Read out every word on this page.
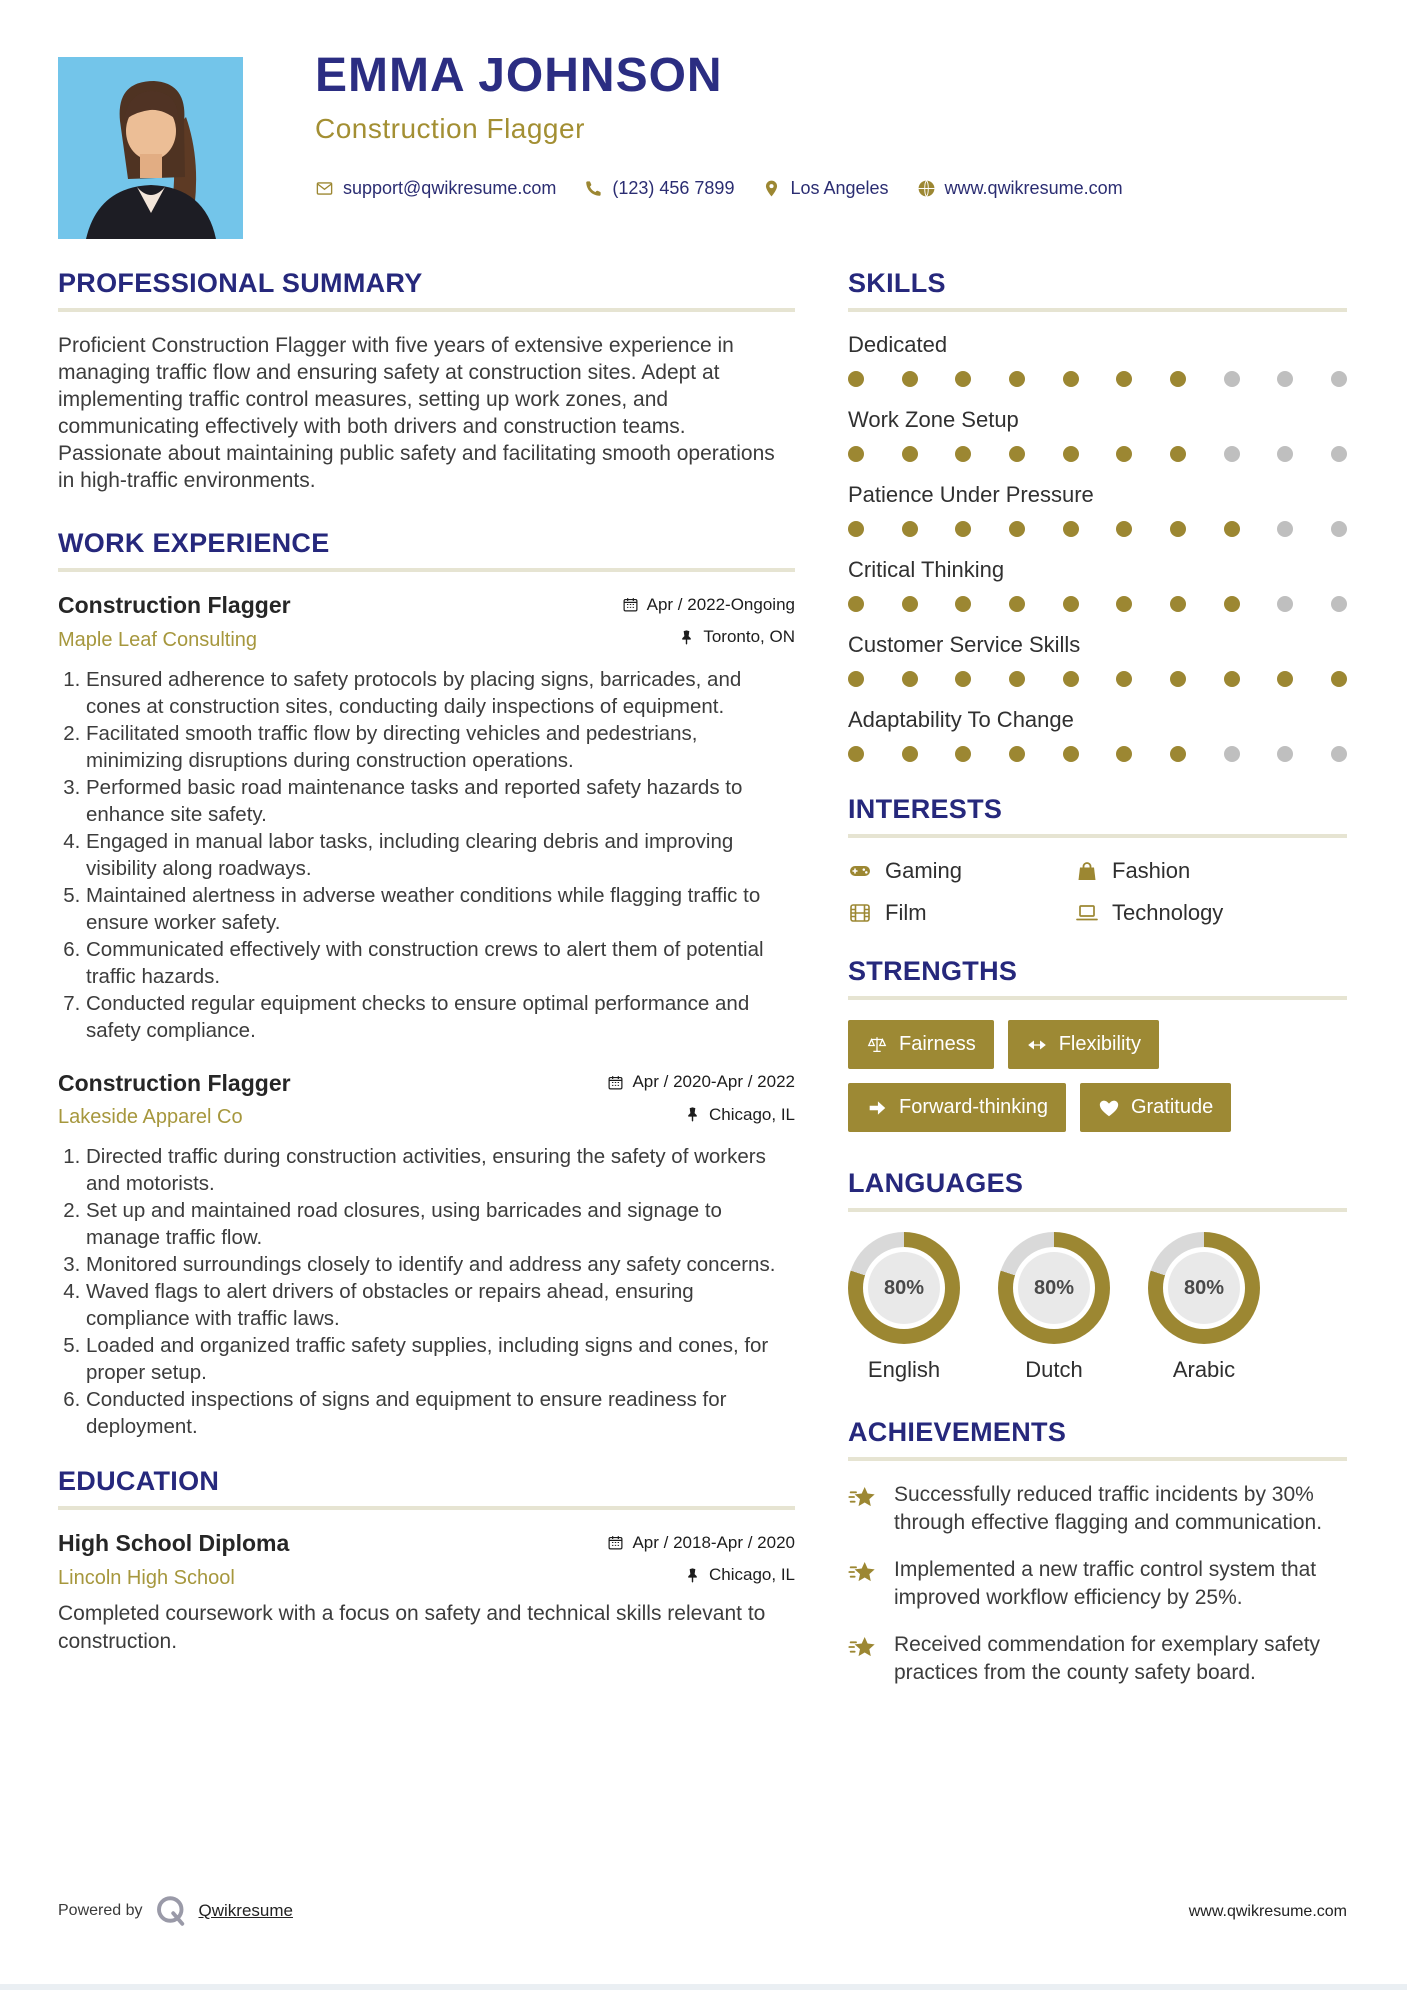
EMMA JOHNSON
Construction Flagger
support@qwikresume.com	(123) 456 7899	Los Angeles	www.qwikresume.com
PROFESSIONAL SUMMARY

Proficient Construction Flagger with five years of extensive experience in managing traffic flow and ensuring safety at construction sites. Adept at implementing traffic control measures, setting up work zones, and communicating effectively with both drivers and construction teams. Passionate about maintaining public safety and facilitating smooth operations in high-traffic environments.

WORK EXPERIENCE
Construction Flagger	Apr / 2022-Ongoing
Maple Leaf Consulting	Toronto, ON
1. Ensured adherence to safety protocols by placing signs, barricades, and cones at construction sites, conducting daily inspections of equipment.
2. Facilitated smooth traffic flow by directing vehicles and pedestrians, minimizing disruptions during construction operations.
3. Performed basic road maintenance tasks and reported safety hazards to enhance site safety.
4. Engaged in manual labor tasks, including clearing debris and improving visibility along roadways.
5. Maintained alertness in adverse weather conditions while flagging traffic to ensure worker safety.
6. Communicated effectively with construction crews to alert them of potential traffic hazards.
7. Conducted regular equipment checks to ensure optimal performance and safety compliance.
Construction Flagger	Apr / 2020-Apr / 2022
Lakeside Apparel Co	Chicago, IL
1. Directed traffic during construction activities, ensuring the safety of workers and motorists.
2. Set up and maintained road closures, using barricades and signage to manage traffic flow.
3. Monitored surroundings closely to identify and address any safety concerns.
4. Waved flags to alert drivers of obstacles or repairs ahead, ensuring compliance with traffic laws.
5. Loaded and organized traffic safety supplies, including signs and cones, for proper setup.
6. Conducted inspections of signs and equipment to ensure readiness for deployment.
EDUCATION
High School Diploma	Apr / 2018-Apr / 2020
Lincoln High School	Chicago, IL

Completed coursework with a focus on safety and technical skills relevant to construction.

SKILLS
Dedicated
Work Zone Setup
Patience Under Pressure
Critical Thinking
Customer Service Skills
Adaptability To Change
INTERESTS
Gaming	Fashion
Film	Technology
STRENGTHS
Fairness	Flexibility
Forward-thinking	Gratitude
LANGUAGES
80%
English
80%
Dutch
80%
Arabic
ACHIEVEMENTS

Successfully reduced traffic incidents by 30% through effective flagging and communication.

Implemented a new traffic control system that improved workflow efficiency by 25%.

Received commendation for exemplary safety practices from the county safety board.

Powered by	Qwikresume	www.qwikresume.com
